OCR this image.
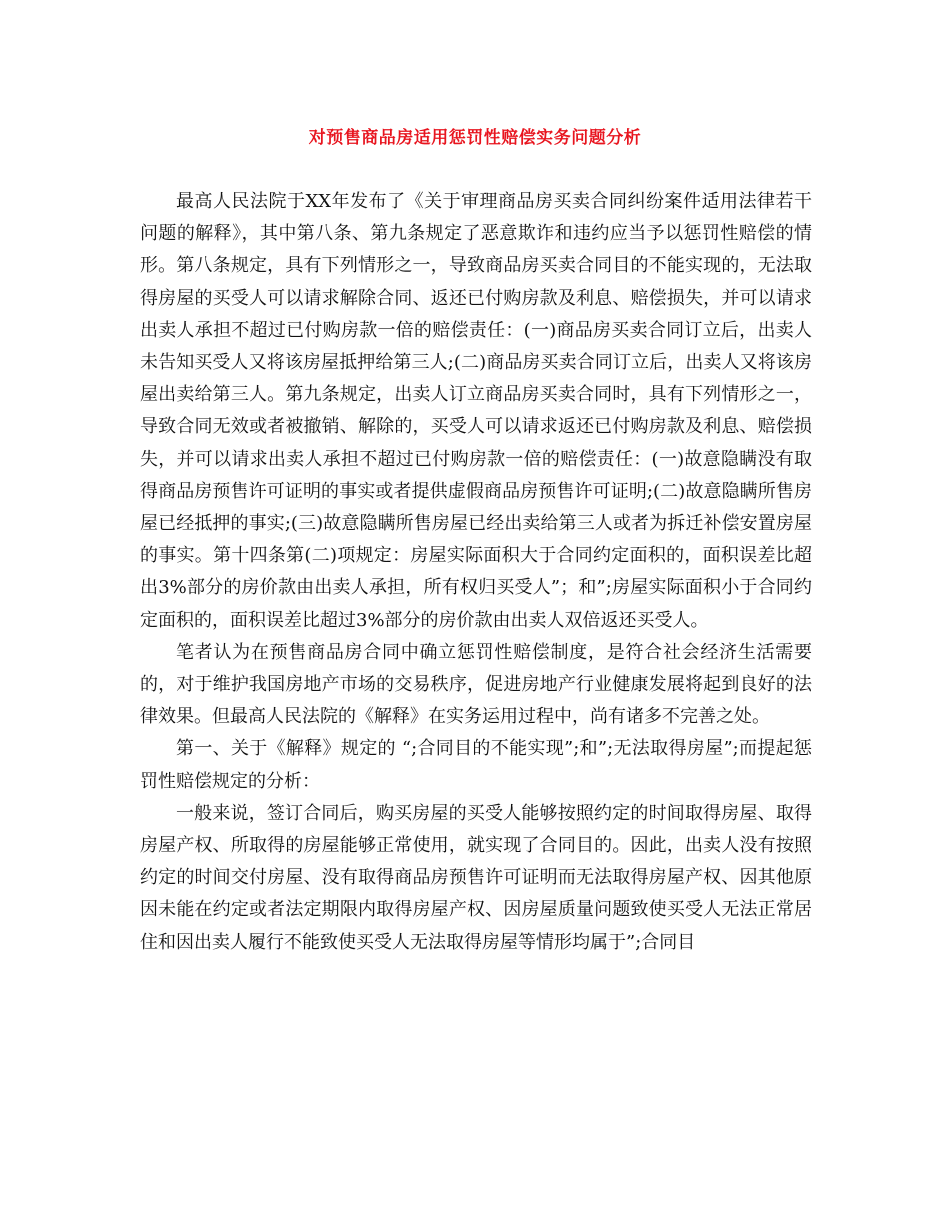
对预售商品房适用惩罚性赔偿实务问题分析

最高人民法院于XX年发布了《关于审理商品房买卖合同纠纷案件适用法律若干问题的解释》，其中第八条、第九条规定了恶意欺诈和违约应当予以惩罚性赔偿的情形。第八条规定，具有下列情形之一，导致商品房买卖合同目的不能实现的，无法取得房屋的买受人可以请求解除合同、返还已付购房款及利息、赔偿损失，并可以请求出卖人承担不超过已付购房款一倍的赔偿责任：(一)商品房买卖合同订立后，出卖人未告知买受人又将该房屋抵押给第三人;(二)商品房买卖合同订立后，出卖人又将该房屋出卖给第三人。第九条规定，出卖人订立商品房买卖合同时，具有下列情形之一，导致合同无效或者被撤销、解除的，买受人可以请求返还已付购房款及利息、赔偿损失，并可以请求出卖人承担不超过已付购房款一倍的赔偿责任：(一)故意隐瞒没有取得商品房预售许可证明的事实或者提供虚假商品房预售许可证明;(二)故意隐瞒所售房屋已经抵押的事实;(三)故意隐瞒所售房屋已经出卖给第三人或者为拆迁补偿安置房屋的事实。第十四条第(二)项规定：房屋实际面积大于合同约定面积的，面积误差比超出3%部分的房价款由出卖人承担，所有权归买受人”；和”;房屋实际面积小于合同约定面积的，面积误差比超过3%部分的房价款由出卖人双倍返还买受人。

笔者认为在预售商品房合同中确立惩罚性赔偿制度，是符合社会经济生活需要的，对于维护我国房地产市场的交易秩序，促进房地产行业健康发展将起到良好的法律效果。但最高人民法院的《解释》在实务运用过程中，尚有诸多不完善之处。

第一、关于《解释》规定的 “;合同目的不能实现”;和”;无法取得房屋”;而提起惩罚性赔偿规定的分析：

一般来说，签订合同后，购买房屋的买受人能够按照约定的时间取得房屋、取得房屋产权、所取得的房屋能够正常使用，就实现了合同目的。因此，出卖人没有按照约定的时间交付房屋、没有取得商品房预售许可证明而无法取得房屋产权、因其他原因未能在约定或者法定期限内取得房屋产权、因房屋质量问题致使买受人无法正常居住和因出卖人履行不能致使买受人无法取得房屋等情形均属于”;合同目
